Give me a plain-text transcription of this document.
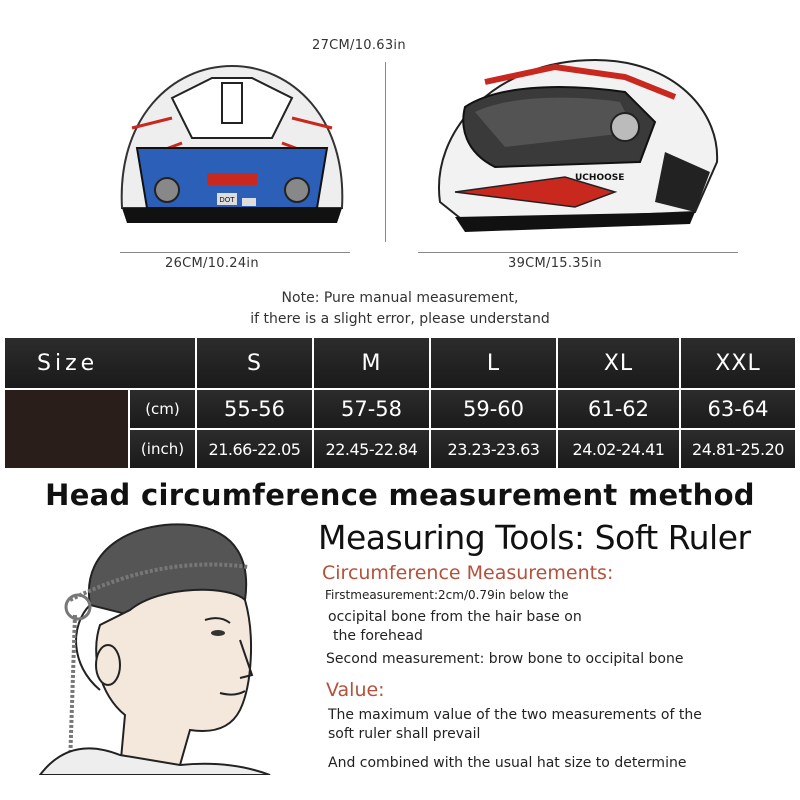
27CM/10.63in
26CM/10.24in	39CM/15.35in
DOT
UCHOOSE
Note: Pure manual measurement,
if there is a slight error, please understand
Size
(cm)
(inch)
S
55-56
21.66-22.05
M
57-58
22.45-22.84
L
59-60
23.23-23.63
XL
61-62
24.02-24.41
XXL
63-64
24.81-25.20
Head circumference measurement method
Measuring Tools: Soft Ruler
Circumference Measurements:
Firstmeasurement:2cm/0.79in below the
occipital bone from the hair base on
the forehead
Second measurement: brow bone to occipital bone
Value:
The maximum value of the two measurements of the
soft ruler shall prevail
And combined with the usual hat size to determine
